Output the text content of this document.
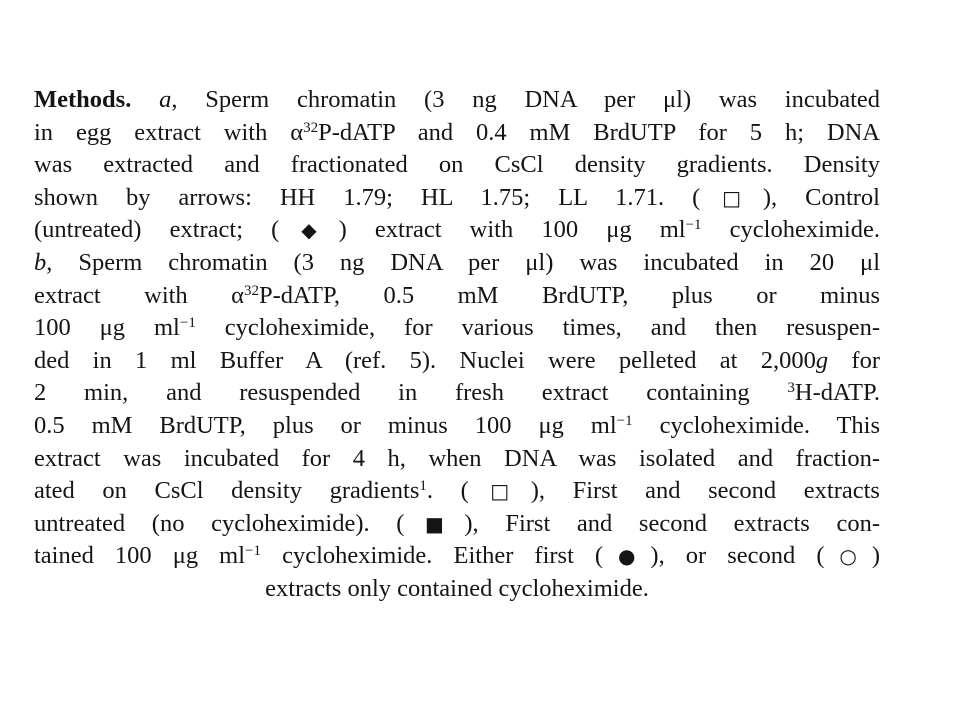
Methods. a, Sperm chromatin (3 ng DNA per μl) was incubated
in egg extract with $\alpha^{32}P$-dATP and 0.4 mM BrdUTP for 5 h; DNA
was extracted and fractionated on CsCl density gradients. Density
shown by arrows: HH 1.79; HL 1.75; LL 1.71. (□), Control
(untreated) extract; (◆) extract with 100 μg $ml^{-1}$ cycloheximide.
b, Sperm chromatin (3 ng DNA per μl) was incubated in 20 μl
extract with $\alpha^{32}P$-dATP, 0.5 mM BrdUTP, plus or minus
100 μg $ml^{-1}$ cycloheximide, for various times, and then resuspen-
ded in 1 ml Buffer A (ref. 5). Nuclei were pelleted at 2,000g for
2 min, and resuspended in fresh extract containing $^3$H-dATP.
0.5 mM BrdUTP, plus or minus 100 μg $ml^{-1}$ cycloheximide. This
extract was incubated for 4 h, when DNA was isolated and fraction-
ated on CsCl density gradients$^1$. (□), First and second extracts
untreated (no cycloheximide). (■), First and second extracts con-
tained 100 μg $ml^{-1}$ cycloheximide. Either first (●), or second (○)
extracts only contained cycloheximide.
